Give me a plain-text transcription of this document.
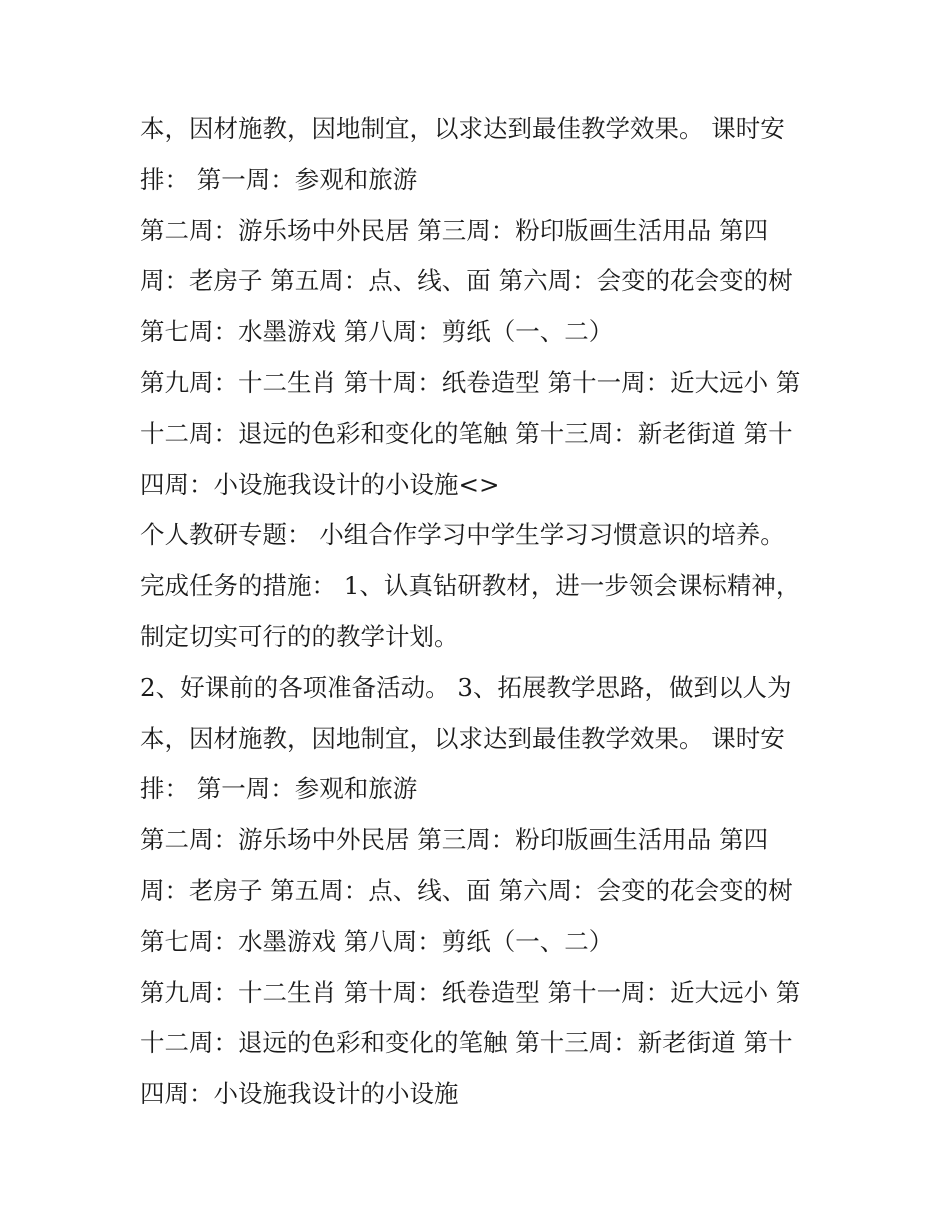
本，因材施教，因地制宜，以求达到最佳教学效果。 课时安
排： 第一周：参观和旅游
第二周：游乐场中外民居 第三周：粉印版画生活用品 第四
周：老房子 第五周：点、线、面 第六周：会变的花会变的树
第七周：水墨游戏 第八周：剪纸（一、二）
第九周：十二生肖 第十周：纸卷造型 第十一周：近大远小 第
十二周：退远的色彩和变化的笔触 第十三周：新老街道 第十
四周：小设施我设计的小设施<>
个人教研专题： 小组合作学习中学生学习习惯意识的培养。
完成任务的措施： 1、认真钻研教材，进一步领会课标精神，
制定切实可行的的教学计划。
2、好课前的各项准备活动。 3、拓展教学思路，做到以人为
本，因材施教，因地制宜，以求达到最佳教学效果。 课时安
排： 第一周：参观和旅游
第二周：游乐场中外民居 第三周：粉印版画生活用品 第四
周：老房子 第五周：点、线、面 第六周：会变的花会变的树
第七周：水墨游戏 第八周：剪纸（一、二）
第九周：十二生肖 第十周：纸卷造型 第十一周：近大远小 第
十二周：退远的色彩和变化的笔触 第十三周：新老街道 第十
四周：小设施我设计的小设施
